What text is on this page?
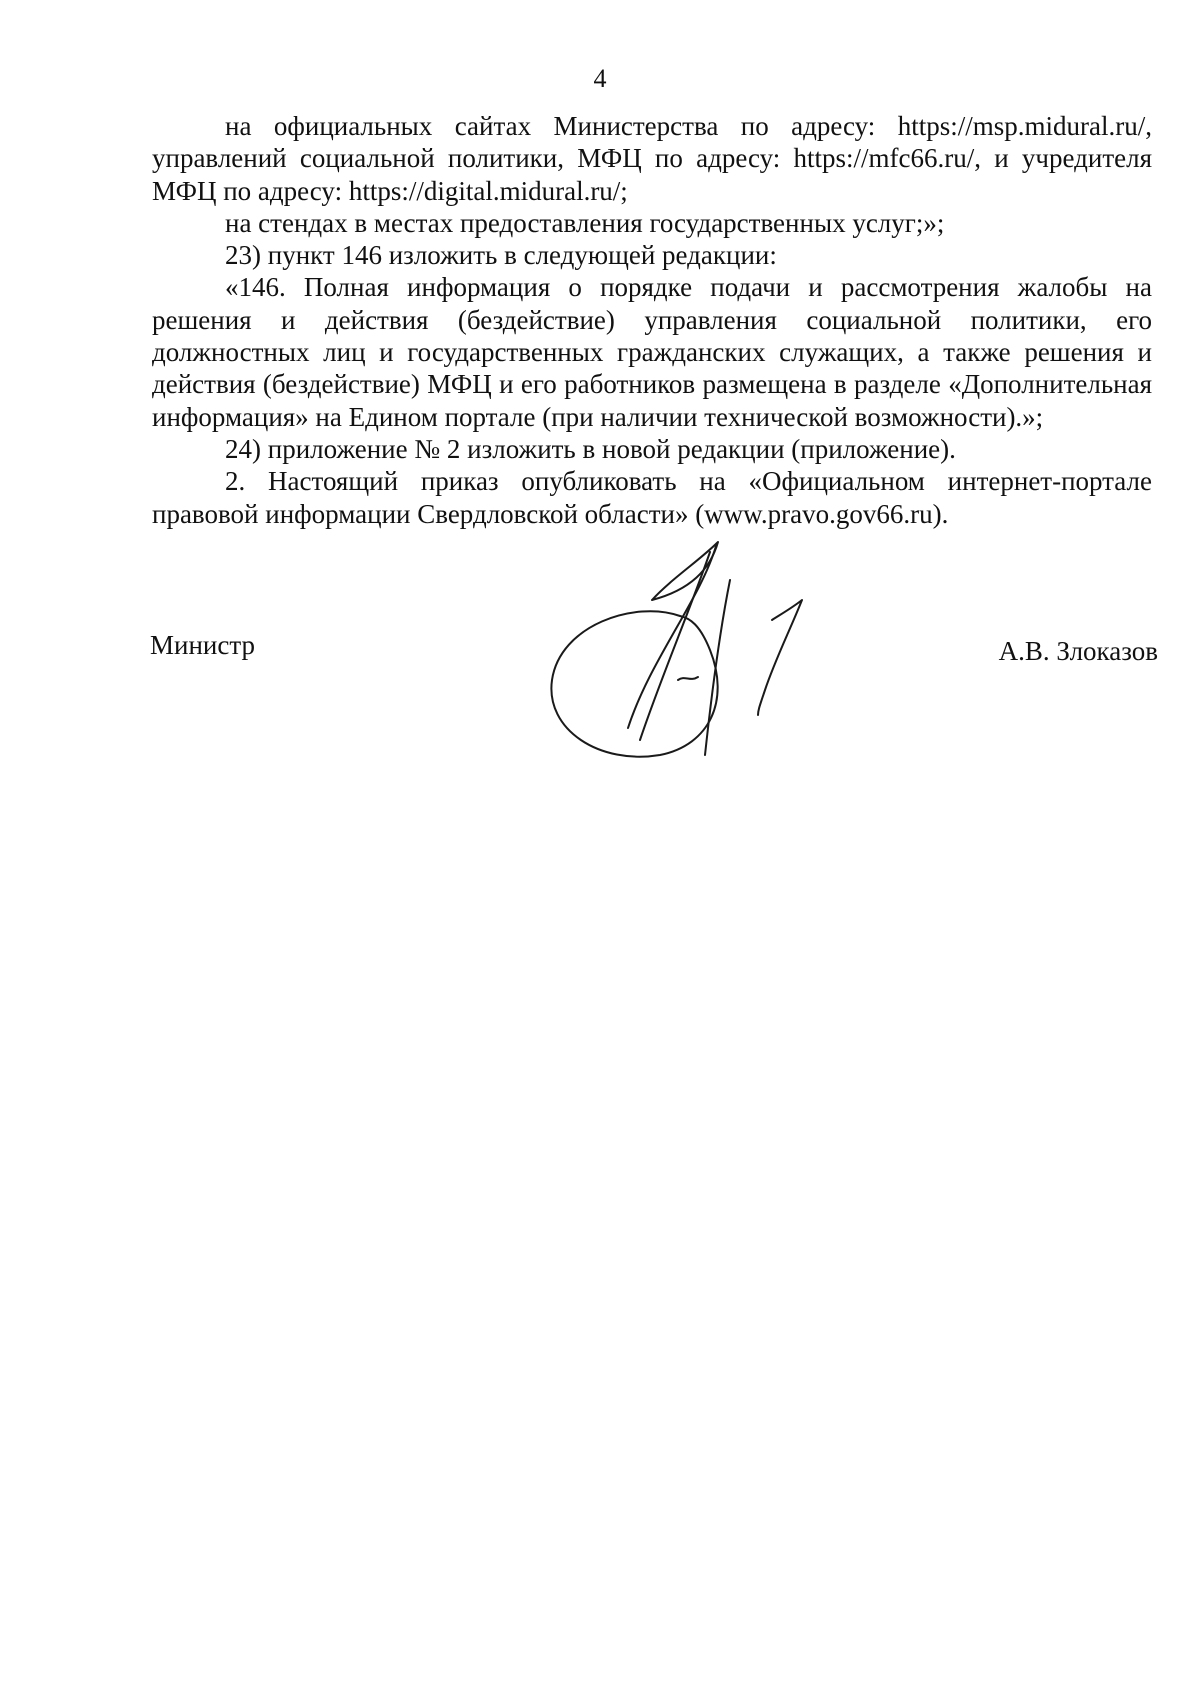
4

на официальных сайтах Министерства по адресу: https://msp.midural.ru/, управлений социальной политики, МФЦ по адресу: https://mfc66.ru/, и учредителя МФЦ по адресу: https://digital.midural.ru/;

на стендах в местах предоставления государственных услуг;»;

23) пункт 146 изложить в следующей редакции:

«146. Полная информация о порядке подачи и рассмотрения жалобы на решения и действия (бездействие) управления социальной политики, его должностных лиц и государственных гражданских служащих, а также решения и действия (бездействие) МФЦ и его работников размещена в разделе «Дополнительная информация» на Едином портале (при наличии технической возможности).»;

24) приложение № 2 изложить в новой редакции (приложение).

2. Настоящий приказ опубликовать на «Официальном интернет-портале правовой информации Свердловской области» (www.pravo.gov66.ru).

Министр	А.В. Злоказов
